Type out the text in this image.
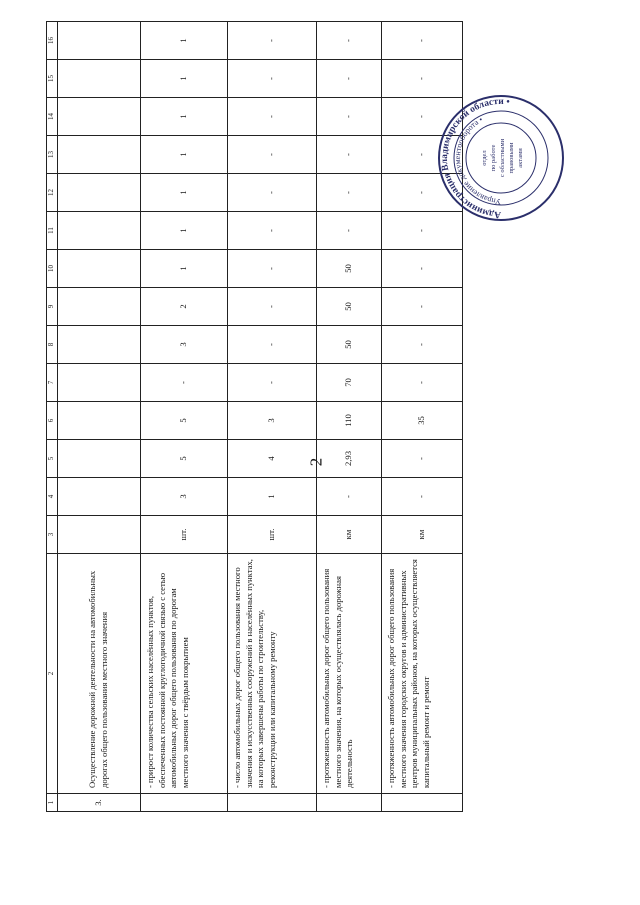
2
1	2	3	4	5	6	7	8	9	10	11	12	13	14	15	16
3.	Осуществление дорожной деятельности на автомобильных дорогах общего пользования местного значения														
	- прирост количества сельских населённых пунктов, обеспеченных постоянной круглогодичной связью с сетью автомобильных дорог общего пользования по дорогам местного значения с твёрдым покрытием	шт.	3	5	5	-	3	2	1	1	1	1	1	1	1
	- число автомобильных дорог общего пользования местного значения и искусственных сооружений в населённых пунктах, на которых завершены работы по строительству, реконструкции или капитальному ремонту	шт.	1	4	3	-	-	-	-	-	-	-	-	-	-
	- протяженность автомобильных дорог общего пользования местного значения, на которых осуществлялась дорожная деятельность	км	-	2,93	110	70	50	50	50	-	-	-	-	-	-
	- протяженность автомобильных дорог общего пользования местного значения городских округов и административных центров муниципальных районов, на которых осуществляется капитальный ремонт и ремонт	км	-	-	35	-	-	-	-	-	-	-	-	-	-
Администрация Владимирской области •
Управление документооборота •
отдел по работе с областными правовыми актами
